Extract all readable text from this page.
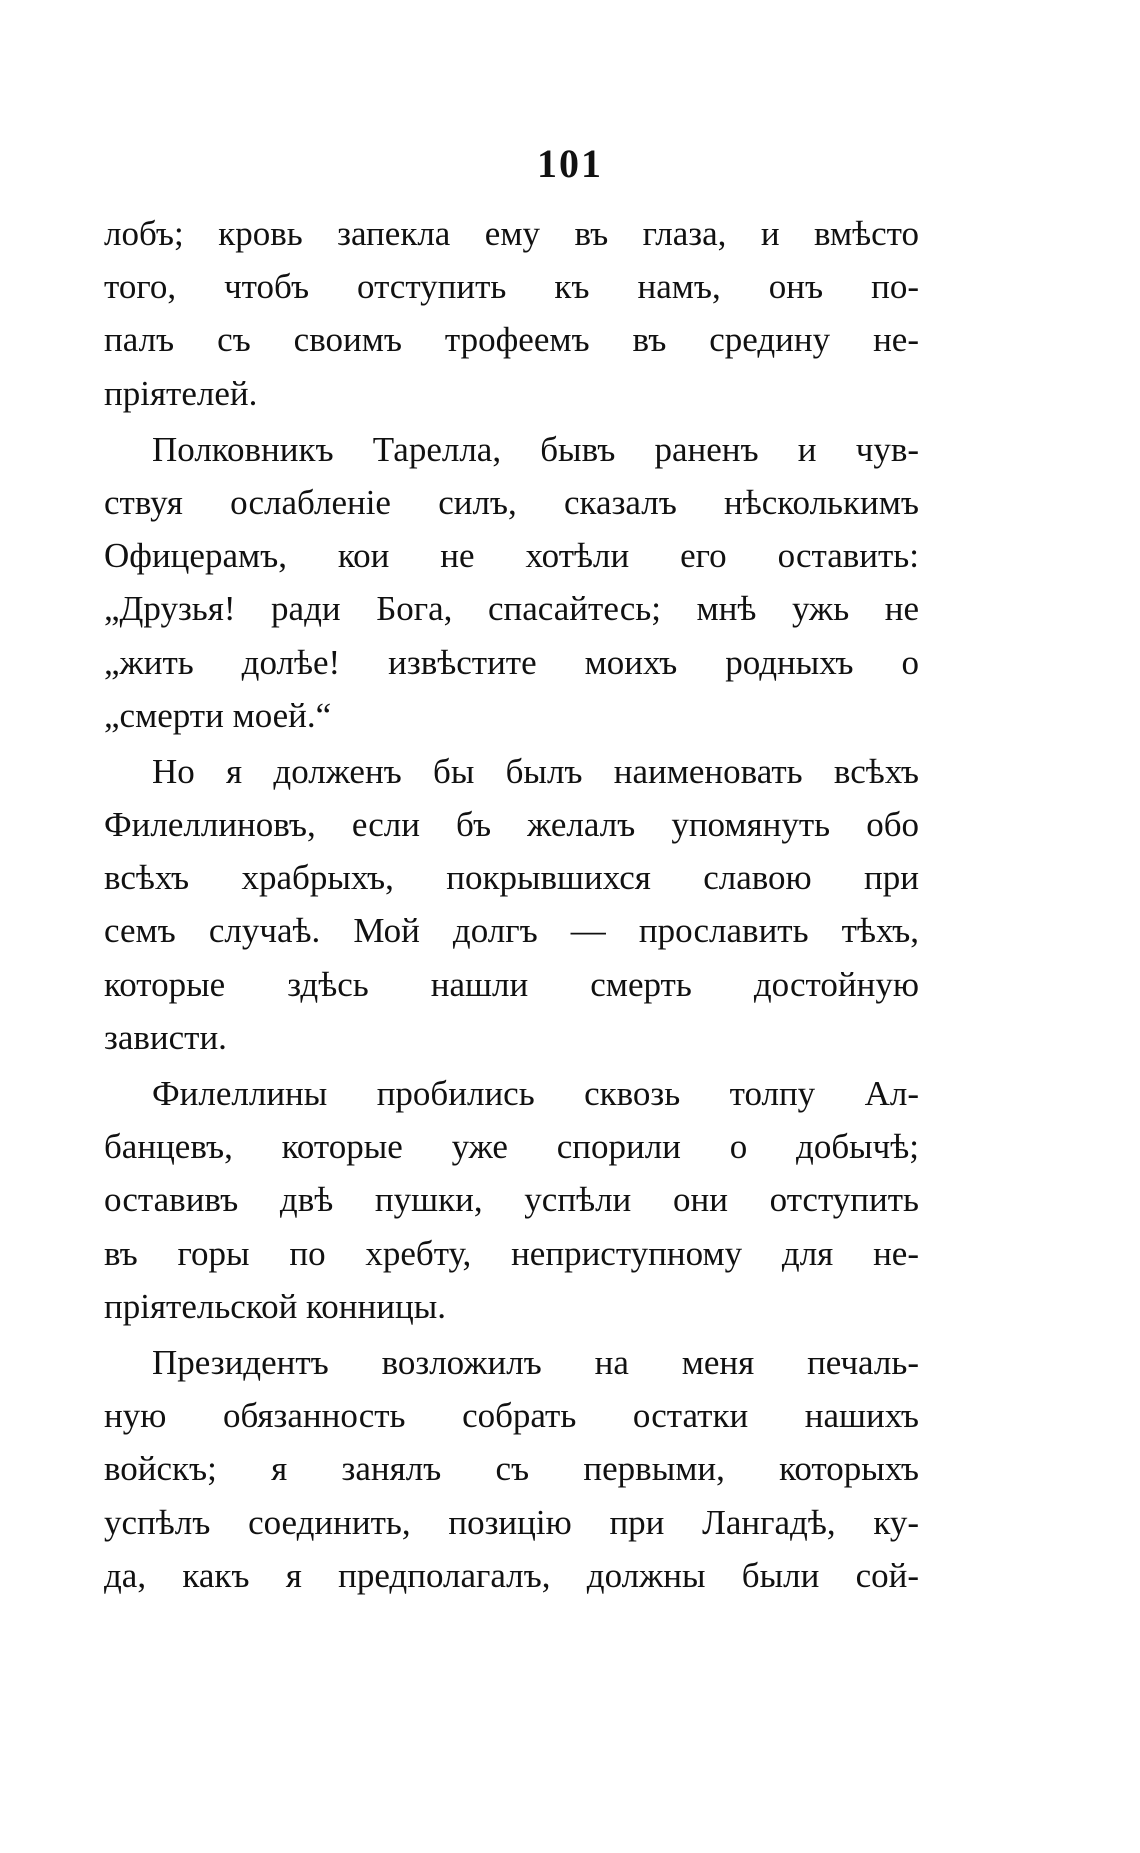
101
лобъ; кровь запекла ему въ глаза, и вмѣсто
того, чтобъ отступить къ намъ, онъ по-
палъ съ своимъ трофеемъ въ средину не-
пріятелей.
Полковникъ Тарелла, бывъ раненъ и чув-
ствуя ослабленіе силъ, сказалъ нѣсколькимъ
Офицерамъ, кои не хотѣли его оставить:
„Друзья! ради Бога, спасайтесь; мнѣ ужь не
„жить долѣе! извѣстите моихъ родныхъ о
„смерти моей.“
Но я долженъ бы былъ наименовать всѣхъ
Филеллиновъ, если бъ желалъ упомянуть обо
всѣхъ храбрыхъ, покрывшихся славою при
семъ случаѣ. Мой долгъ — прославить тѣхъ,
которые здѣсь нашли смерть достойную
зависти.
Филеллины пробились сквозь толпу Ал-
банцевъ, которые уже спорили о добычѣ;
оставивъ двѣ пушки, успѣли они отступить
въ горы по хребту, неприступному для не-
пріятельской конницы.
Президентъ возложилъ на меня печаль-
ную обязанность собрать остатки нашихъ
войскъ; я занялъ съ первыми, которыхъ
успѣлъ соединить, позицію при Лангадѣ, ку-
да, какъ я предполагалъ, должны были сой-
